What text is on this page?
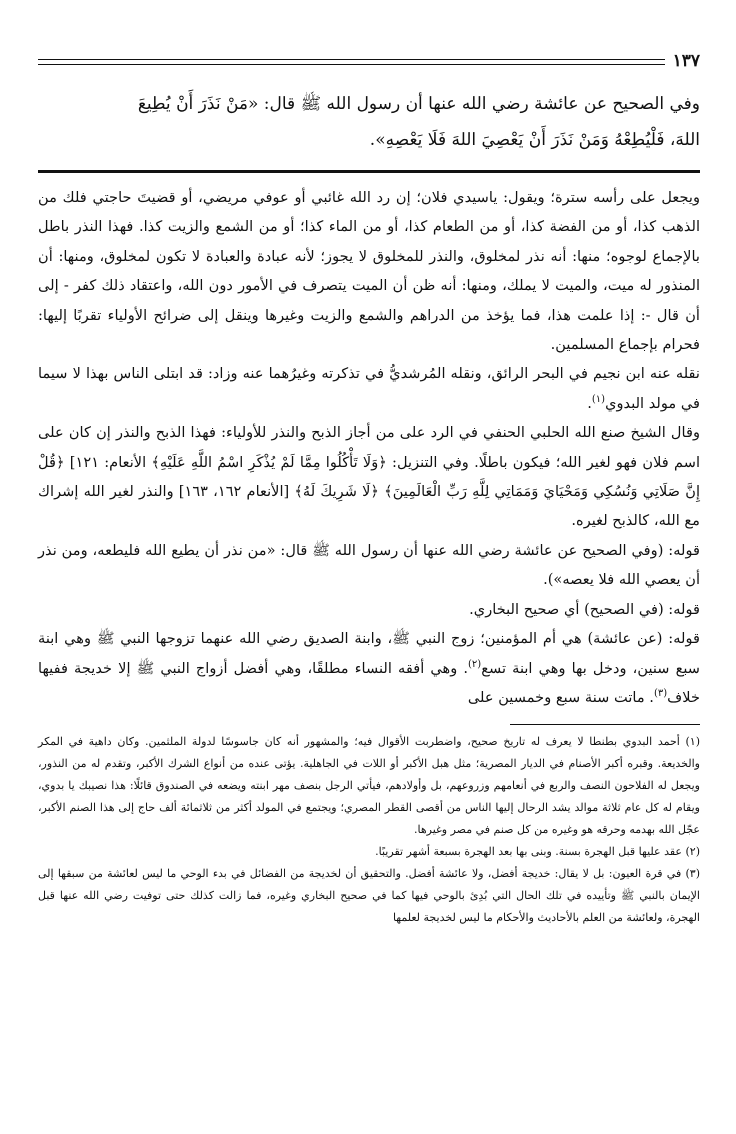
١٣٧

وفي الصحيح عن عائشة رضي الله عنها أن رسول الله ﷺ قال: «مَنْ نَذَرَ أَنْ يُطِيعَ

اللهَ، فَلْيُطِعْهُ وَمَنْ نَذَرَ أَنْ يَعْصِيَ اللهَ فَلَا يَعْصِهِ».

ويجعل على رأسه سترة؛ ويقول: ياسيدي فلان؛ إن رد الله غائبي أو عوفي مريضي، أو قضيتَ حاجتي فلك من الذهب كذا، أو من الفضة كذا، أو من الطعام كذا، أو من الماء كذا؛ أو من الشمع والزيت كذا. فهذا النذر باطل بالإجماع لوجوه؛ منها: أنه نذر لمخلوق، والنذر للمخلوق لا يجوز؛ لأنه عبادة والعبادة لا تكون لمخلوق، ومنها: أن المنذور له ميت، والميت لا يملك، ومنها: أنه ظن أن الميت يتصرف في الأمور دون الله، واعتقاد ذلك كفر - إلى أن قال -: إذا علمت هذا، فما يؤخذ من الدراهم والشمع والزيت وغيرها وينقل إلى ضرائح الأولياء تقربًا إليها: فحرام بإجماع المسلمين.

نقله عنه ابن نجيم في البحر الرائق، ونقله المُرشديُّ في تذكرته وغيرُهما عنه وزاد: قد ابتلى الناس بهذا لا سيما في مولد البدوي$^{(١)}$.

وقال الشيخ صنع الله الحلبي الحنفي في الرد على من أجاز الذبح والنذر للأولياء: فهذا الذبح والنذر إن كان على اسم فلان فهو لغير الله؛ فيكون باطلًا. وفي التنزيل: ﴿وَلَا تَأْكُلُوا مِمَّا لَمْ يُذْكَرِ اسْمُ اللَّهِ عَلَيْهِ﴾ الأنعام: ١٢١] ﴿قُلْ إِنَّ صَلَاتِي وَنُسُكِي وَمَحْيَايَ وَمَمَاتِي لِلَّهِ رَبِّ الْعَالَمِينَ﴾ ﴿لَا شَرِيكَ لَهُ﴾ [الأنعام ١٦٢، ١٦٣] والنذر لغير الله إشراك مع الله، كالذبح لغيره.

قوله: (وفي الصحيح عن عائشة رضي الله عنها أن رسول الله ﷺ قال: «من نذر أن يطيع الله فليطعه، ومن نذر أن يعصي الله فلا يعصه»).

قوله: (في الصحيح) أي صحيح البخاري.

قوله: (عن عائشة) هي أم المؤمنين؛ زوج النبي ﷺ، وابنة الصديق رضي الله عنهما تزوجها النبي ﷺ وهي ابنة سبع سنين، ودخل بها وهي ابنة تسع$^{(٢)}$. وهي أفقه النساء مطلقًا، وهي أفضل أزواج النبي ﷺ إلا خديجة ففيها خلاف$^{(٣)}$. ماتت سنة سبع وخمسين على

(١) أحمد البدوي بطنطا لا يعرف له تاريخ صحيح، واضطربت الأقوال فيه؛ والمشهور أنه كان جاسوسًا لدولة الملثمين. وكان داهية في المكر والخديعة. وقبره أكبر الأصنام في الديار المصرية؛ مثل هبل الأكبر أو اللات في الجاهلية. يؤتى عنده من أنواع الشرك الأكبر، وتقدم له من النذور، ويجعل له الفلاحون النصف والربع في أنعامهم وزروعهم، بل وأولادهم، فيأتي الرجل بنصف مهر ابنته ويضعه في الصندوق قائلًا: هذا نصيبك يا بدوي، ويقام له كل عام ثلاثة موالد يشد الرحال إليها الناس من أقصى القطر المصري؛ ويجتمع في المولد أكثر من ثلاثمائة ألف حاج إلى هذا الصنم الأكبر، عجّل الله بهدمه وحرقه هو وغيره من كل صنم في مصر وغيرها.

(٢) عقد عليها قبل الهجرة بسنة. وبنى بها بعد الهجرة بسبعة أشهر تقريبًا.

(٣) في قرة العيون: بل لا يقال: خديجة أفضل، ولا عائشة أفضل. والتحقيق أن لخديجة من الفضائل في بدء الوحي ما ليس لعائشة من سبقها إلى الإيمان بالنبي ﷺ وتأييده في تلك الحال التي بُدِئ بالوحي فيها كما في صحيح البخاري وغيره، فما زالت كذلك حتى توفيت رضي الله عنها قبل الهجرة، ولعائشة من العلم بالأحاديث والأحكام ما ليس لخديجة لعلمها
